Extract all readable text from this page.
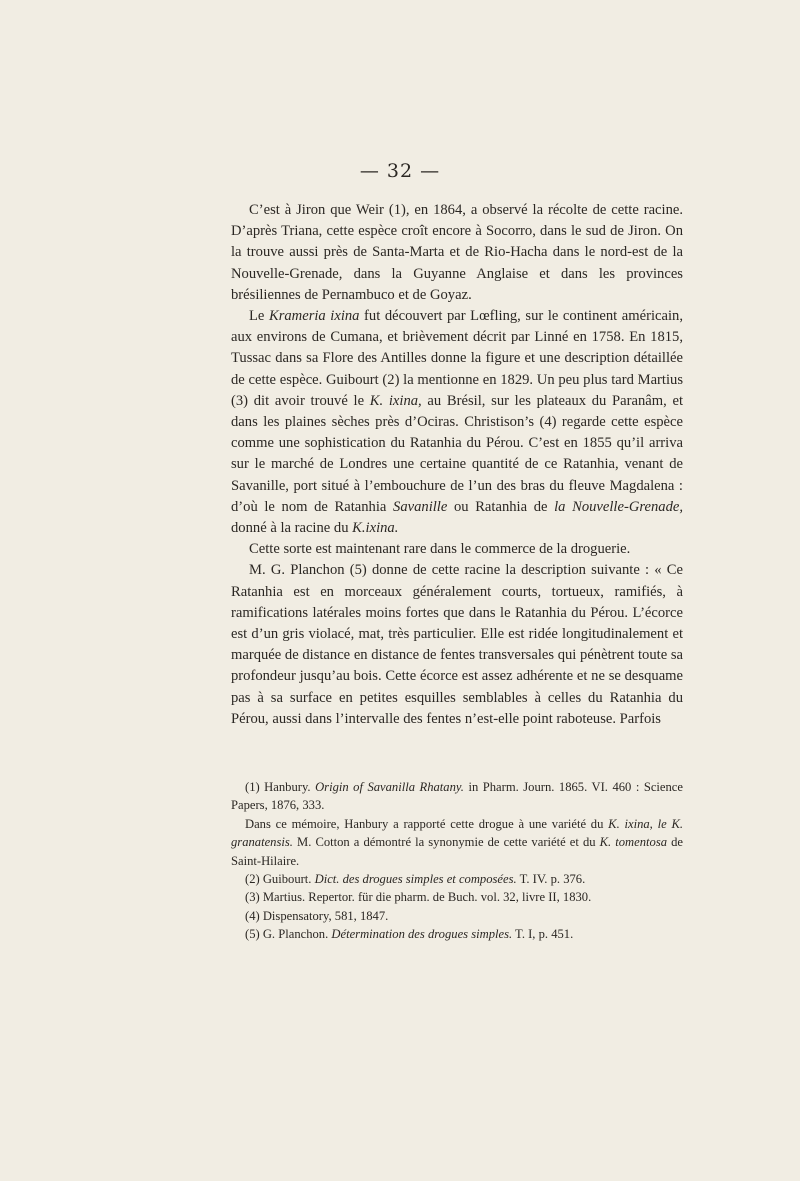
— 32 —

C’est à Jiron que Weir (1), en 1864, a observé la récolte de cette racine. D’après Triana, cette espèce croît encore à Socorro, dans le sud de Jiron. On la trouve aussi près de Santa-Marta et de Rio-Hacha dans le nord-est de la Nouvelle-Grenade, dans la Guyanne Anglaise et dans les provinces brésiliennes de Pernambuco et de Goyaz.

Le Krameria ixina fut découvert par Lœfling, sur le continent américain, aux environs de Cumana, et brièvement décrit par Linné en 1758. En 1815, Tussac dans sa Flore des Antilles donne la figure et une description détaillée de cette espèce. Guibourt (2) la mentionne en 1829. Un peu plus tard Martius (3) dit avoir trouvé le K. ixina, au Brésil, sur les plateaux du Paranâm, et dans les plaines sèches près d’Ociras. Christison’s (4) regarde cette espèce comme une sophistication du Ratanhia du Pérou. C’est en 1855 qu’il arriva sur le marché de Londres une certaine quantité de ce Ratanhia, venant de Savanille, port situé à l’embouchure de l’un des bras du fleuve Magdalena : d’où le nom de Ratanhia Savanille ou Ratanhia de la Nouvelle-Grenade, donné à la racine du K.ixina.

Cette sorte est maintenant rare dans le commerce de la droguerie.

M. G. Planchon (5) donne de cette racine la description suivante : « Ce Ratanhia est en morceaux généralement courts, tortueux, ramifiés, à ramifications latérales moins fortes que dans le Ratanhia du Pérou. L’écorce est d’un gris violacé, mat, très particulier. Elle est ridée longitudinalement et marquée de distance en distance de fentes transversales qui pénètrent toute sa profondeur jusqu’au bois. Cette écorce est assez adhérente et ne se desquame pas à sa surface en petites esquilles semblables à celles du Ratanhia du Pérou, aussi dans l’intervalle des fentes n’est-elle point raboteuse. Parfois

(1) Hanbury. Origin of Savanilla Rhatany. in Pharm. Journ. 1865. VI. 460 : Science Papers, 1876, 333.

Dans ce mémoire, Hanbury a rapporté cette drogue à une variété du K. ixina, le K. granatensis. M. Cotton a démontré la synonymie de cette variété et du K. tomentosa de Saint-Hilaire.

(2) Guibourt. Dict. des drogues simples et composées. T. IV. p. 376.

(3) Martius. Repertor. für die pharm. de Buch. vol. 32, livre II, 1830.

(4) Dispensatory, 581, 1847.

(5) G. Planchon. Détermination des drogues simples. T. I, p. 451.
